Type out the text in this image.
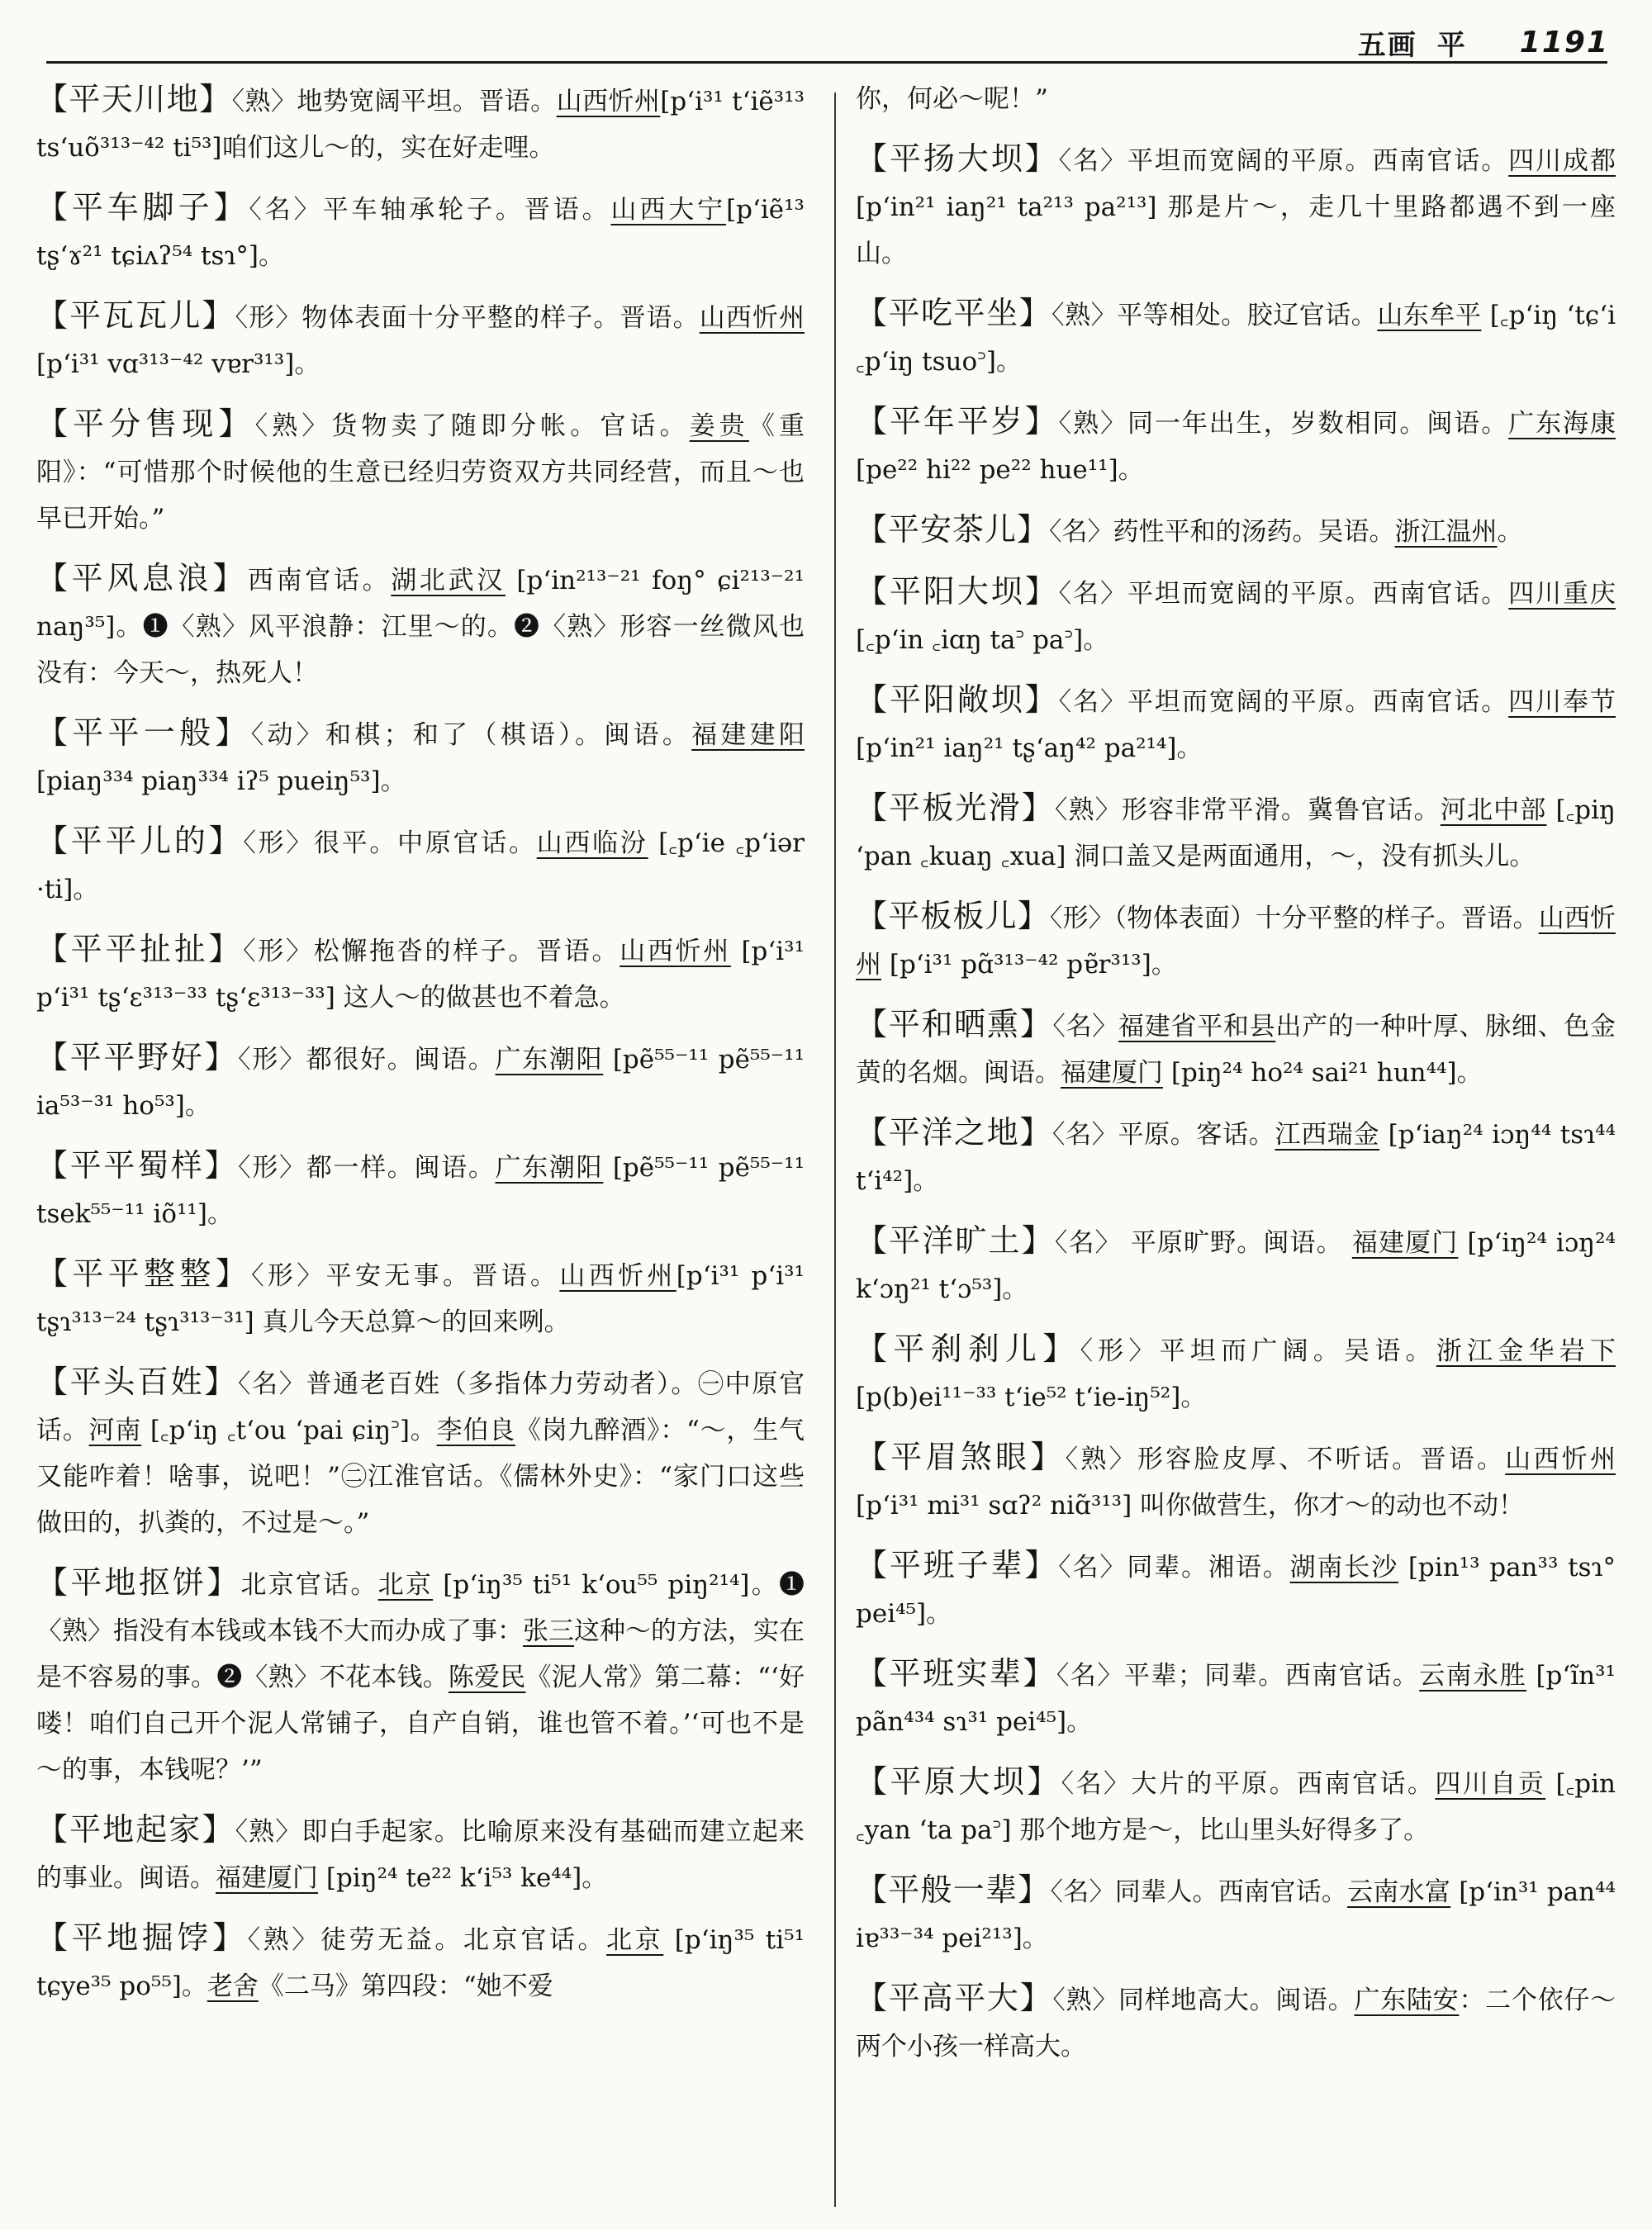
五画 平 1191
【平天川地】〈熟〉地势宽阔平坦。晋语。山西忻州[pʻi³¹ tʻiẽ³¹³ tsʻuõ³¹³⁻⁴² ti⁵³]咱们这儿～的，实在好走哩。
【平车脚子】〈名〉平车轴承轮子。晋语。山西大宁[pʻiẽ¹³ tʂʻɤ²¹ tɕiʌʔ⁵⁴ tsɿ°]。
【平瓦瓦儿】〈形〉物体表面十分平整的样子。晋语。山西忻州 [pʻi³¹ vɑ³¹³⁻⁴² vɐr³¹³]。
【平分售现】〈熟〉货物卖了随即分帐。官话。姜贵《重阳》：“可惜那个时候他的生意已经归劳资双方共同经营，而且～也早已开始。”
【平风息浪】西南官话。湖北武汉 [pʻin²¹³⁻²¹ foŋ° ɕi²¹³⁻²¹ naŋ³⁵]。❶〈熟〉风平浪静：江里～的。❷〈熟〉形容一丝微风也没有：今天～，热死人！
【平平一般】〈动〉和棋；和了（棋语）。闽语。福建建阳 [piaŋ³³⁴ piaŋ³³⁴ iʔ⁵ pueiŋ⁵³]。
【平平儿的】〈形〉很平。中原官话。山西临汾 [꜀pʻie ꜀pʻiər ·ti]。
【平平扯扯】〈形〉松懈拖沓的样子。晋语。山西忻州 [pʻi³¹ pʻi³¹ tʂʻɛ³¹³⁻³³ tʂʻɛ³¹³⁻³³] 这人～的做甚也不着急。
【平平野好】〈形〉都很好。闽语。广东潮阳 [pẽ⁵⁵⁻¹¹ pẽ⁵⁵⁻¹¹ ia⁵³⁻³¹ ho⁵³]。
【平平蜀样】〈形〉都一样。闽语。广东潮阳 [pẽ⁵⁵⁻¹¹ pẽ⁵⁵⁻¹¹ tsek⁵⁵⁻¹¹ iõ¹¹]。
【平平整整】〈形〉平安无事。晋语。山西忻州[pʻi³¹ pʻi³¹ tʂɿ³¹³⁻²⁴ tʂɿ³¹³⁻³¹] 真儿今天总算～的回来咧。
【平头百姓】〈名〉普通老百姓（多指体力劳动者）。㊀中原官话。河南 [꜀pʻiŋ ꜀tʻou ʻpai ɕiŋ꜄]。李伯良《岗九醉酒》：“～，生气又能咋着！啥事，说吧！”㊁江淮官话。《儒林外史》：“家门口这些做田的，扒粪的，不过是～。”
【平地抠饼】北京官话。北京 [pʻiŋ³⁵ ti⁵¹ kʻou⁵⁵ piŋ²¹⁴]。❶〈熟〉指没有本钱或本钱不大而办成了事：张三这种～的方法，实在是不容易的事。❷〈熟〉不花本钱。陈爱民《泥人常》第二幕：“‘好喽！咱们自己开个泥人常铺子，自产自销，谁也管不着。’‘可也不是～的事，本钱呢？’”
【平地起家】〈熟〉即白手起家。比喻原来没有基础而建立起来的事业。闽语。福建厦门 [piŋ²⁴ te²² kʻi⁵³ ke⁴⁴]。
【平地掘饽】〈熟〉徒劳无益。北京官话。北京 [pʻiŋ³⁵ ti⁵¹ tɕye³⁵ po⁵⁵]。老舍《二马》第四段：“她不爱
你，何必～呢！”
【平扬大坝】〈名〉平坦而宽阔的平原。西南官话。四川成都 [pʻin²¹ iaŋ²¹ ta²¹³ pa²¹³] 那是片～，走几十里路都遇不到一座山。
【平吃平坐】〈熟〉平等相处。胶辽官话。山东牟平 [꜀pʻiŋ ʻtɕʻi ꜀pʻiŋ tsuo꜄]。
【平年平岁】〈熟〉同一年出生，岁数相同。闽语。广东海康 [pe²² hi²² pe²² hue¹¹]。
【平安茶儿】〈名〉药性平和的汤药。吴语。浙江温州。
【平阳大坝】〈名〉平坦而宽阔的平原。西南官话。四川重庆 [꜀pʻin ꜀iɑŋ ta꜄ pa꜄]。
【平阳敞坝】〈名〉平坦而宽阔的平原。西南官话。四川奉节 [pʻin²¹ iaŋ²¹ tʂʻaŋ⁴² pa²¹⁴]。
【平板光滑】〈熟〉形容非常平滑。冀鲁官话。河北中部 [꜀piŋ ʻpan ꜀kuaŋ ꜀xua] 洞口盖又是两面通用，～，没有抓头儿。
【平板板儿】〈形〉（物体表面）十分平整的样子。晋语。山西忻州 [pʻi³¹ pɑ̃³¹³⁻⁴² pɐ̃r³¹³]。
【平和晒熏】〈名〉福建省平和县出产的一种叶厚、脉细、色金黄的名烟。闽语。福建厦门 [piŋ²⁴ ho²⁴ sai²¹ hun⁴⁴]。
【平洋之地】〈名〉平原。客话。江西瑞金 [pʻiaŋ²⁴ iɔŋ⁴⁴ tsɿ⁴⁴ tʻi⁴²]。
【平洋旷土】〈名〉 平原旷野。闽语。 福建厦门 [pʻiŋ²⁴ iɔŋ²⁴ kʻɔŋ²¹ tʻɔ⁵³]。
【平刹刹儿】〈形〉平坦而广阔。吴语。浙江金华岩下 [p(b)ei¹¹⁻³³ tʻie⁵² tʻie-iŋ⁵²]。
【平眉煞眼】〈熟〉形容脸皮厚、不听话。晋语。山西忻州 [pʻi³¹ mi³¹ sɑʔ² niɑ̃³¹³] 叫你做营生，你才～的动也不动！
【平班子辈】〈名〉同辈。湘语。湖南长沙 [pin¹³ pan³³ tsɿ° pei⁴⁵]。
【平班实辈】〈名〉平辈；同辈。西南官话。云南永胜 [pʻĩn³¹ pãn⁴³⁴ sɿ³¹ pei⁴⁵]。
【平原大坝】〈名〉大片的平原。西南官话。四川自贡 [꜀pin ꜀yan ʻta pa꜄] 那个地方是～，比山里头好得多了。
【平般一辈】〈名〉同辈人。西南官话。云南水富 [pʻin³¹ pan⁴⁴ iɐ³³⁻³⁴ pei²¹³]。
【平高平大】〈熟〉同样地高大。闽语。广东陆安：二个依仔～两个小孩一样高大。
